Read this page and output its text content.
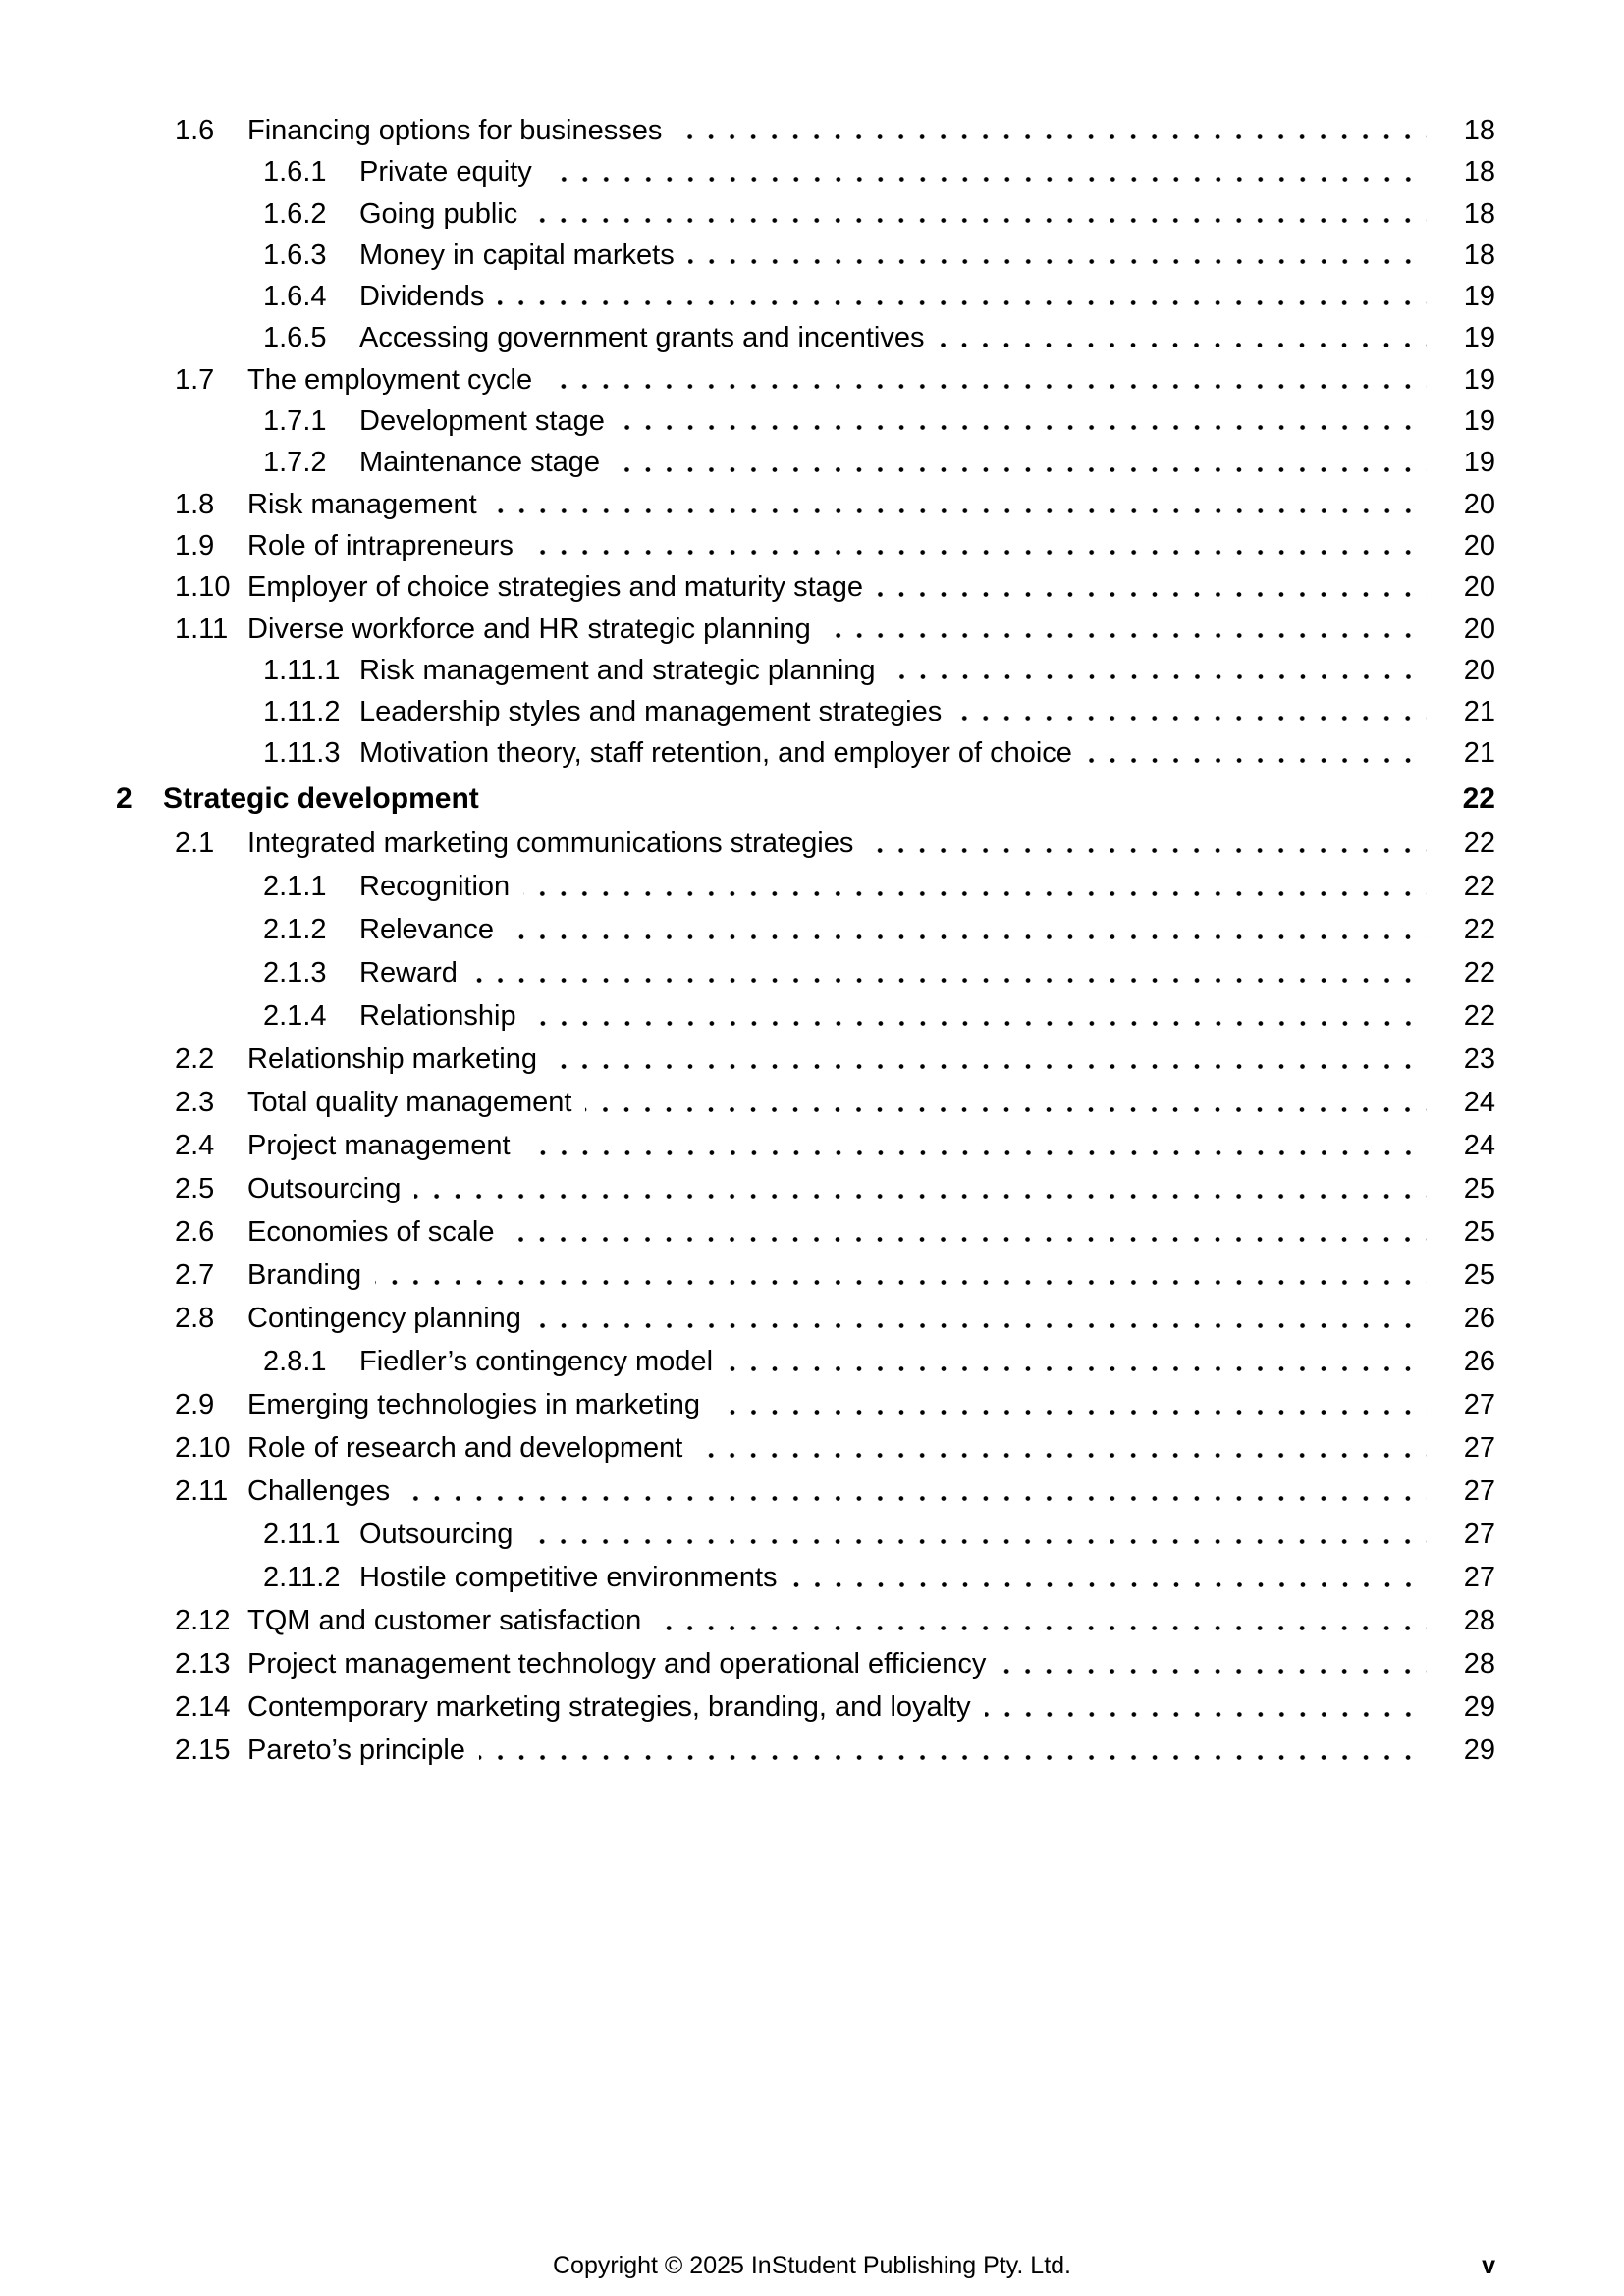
1.6	Financing options for businesses	18
1.6.1	Private equity	18
1.6.2	Going public	18
1.6.3	Money in capital markets	18
1.6.4	Dividends	19
1.6.5	Accessing government grants and incentives	19
1.7	The employment cycle	19
1.7.1	Development stage	19
1.7.2	Maintenance stage	19
1.8	Risk management	20
1.9	Role of intrapreneurs	20
1.10 Employer of choice strategies and maturity stage	20
1.11 Diverse workforce and HR strategic planning	20
1.11.1 Risk management and strategic planning	20
1.11.2 Leadership styles and management strategies	21
1.11.3 Motivation theory, staff retention, and employer of choice	21
2	Strategic development	22
2.1	Integrated marketing communications strategies	22
2.1.1	Recognition	22
2.1.2	Relevance	22
2.1.3	Reward	22
2.1.4	Relationship	22
2.2	Relationship marketing	23
2.3	Total quality management	24
2.4	Project management	24
2.5	Outsourcing	25
2.6	Economies of scale	25
2.7	Branding	25
2.8	Contingency planning	26
2.8.1	Fiedler’s contingency model	26
2.9	Emerging technologies in marketing	27
2.10 Role of research and development	27
2.11 Challenges	27
2.11.1 Outsourcing	27
2.11.2 Hostile competitive environments	27
2.12 TQM and customer satisfaction	28
2.13 Project management technology and operational efficiency	28
2.14 Contemporary marketing strategies, branding, and loyalty	29
2.15 Pareto’s principle	29
Copyright © 2025 InStudent Publishing Pty. Ltd.	v
